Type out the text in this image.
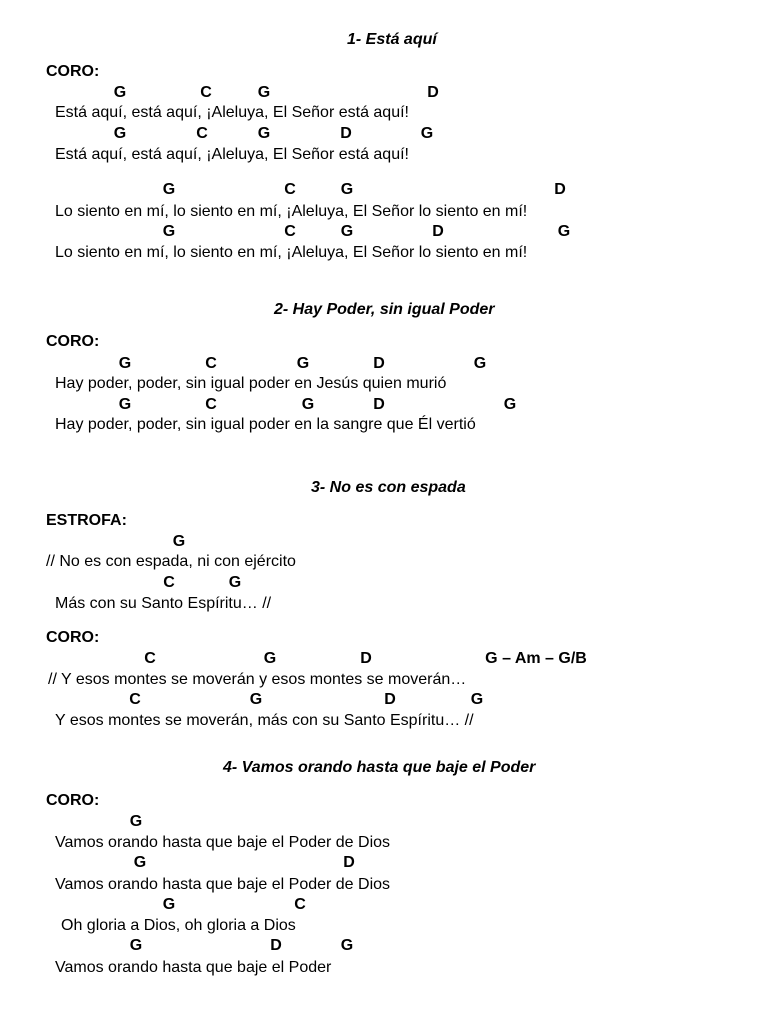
1- Está aquí
CORO:
G	C	G	D
Está aquí, está aquí, ¡Aleluya, El Señor está aquí!
G	C	G	D	G
Está aquí, está aquí, ¡Aleluya, El Señor está aquí!
G	C	G	D
Lo siento en mí, lo siento en mí, ¡Aleluya, El Señor lo siento en mí!
G	C	G	D	G
Lo siento en mí, lo siento en mí, ¡Aleluya, El Señor lo siento en mí!
2- Hay Poder, sin igual Poder
CORO:
G	C	G	D	G
Hay poder, poder, sin igual poder en Jesús quien murió
G	C	G	D	G
Hay poder, poder, sin igual poder en la sangre que Él vertió
3- No es con espada
ESTROFA:
G
// No es con espada, ni con ejército
C	G
Más con su Santo Espíritu… //
CORO:
C	G	D	G – Am – G/B
// Y esos montes se moverán y esos montes se moverán…
C	G	D	G
Y esos montes se moverán, más con su Santo Espíritu… //
4- Vamos orando hasta que baje el Poder
CORO:
G
Vamos orando hasta que baje el Poder de Dios
G	D
Vamos orando hasta que baje el Poder de Dios
G	C
Oh gloria a Dios, oh gloria a Dios
G	D	G
Vamos orando hasta que baje el Poder
